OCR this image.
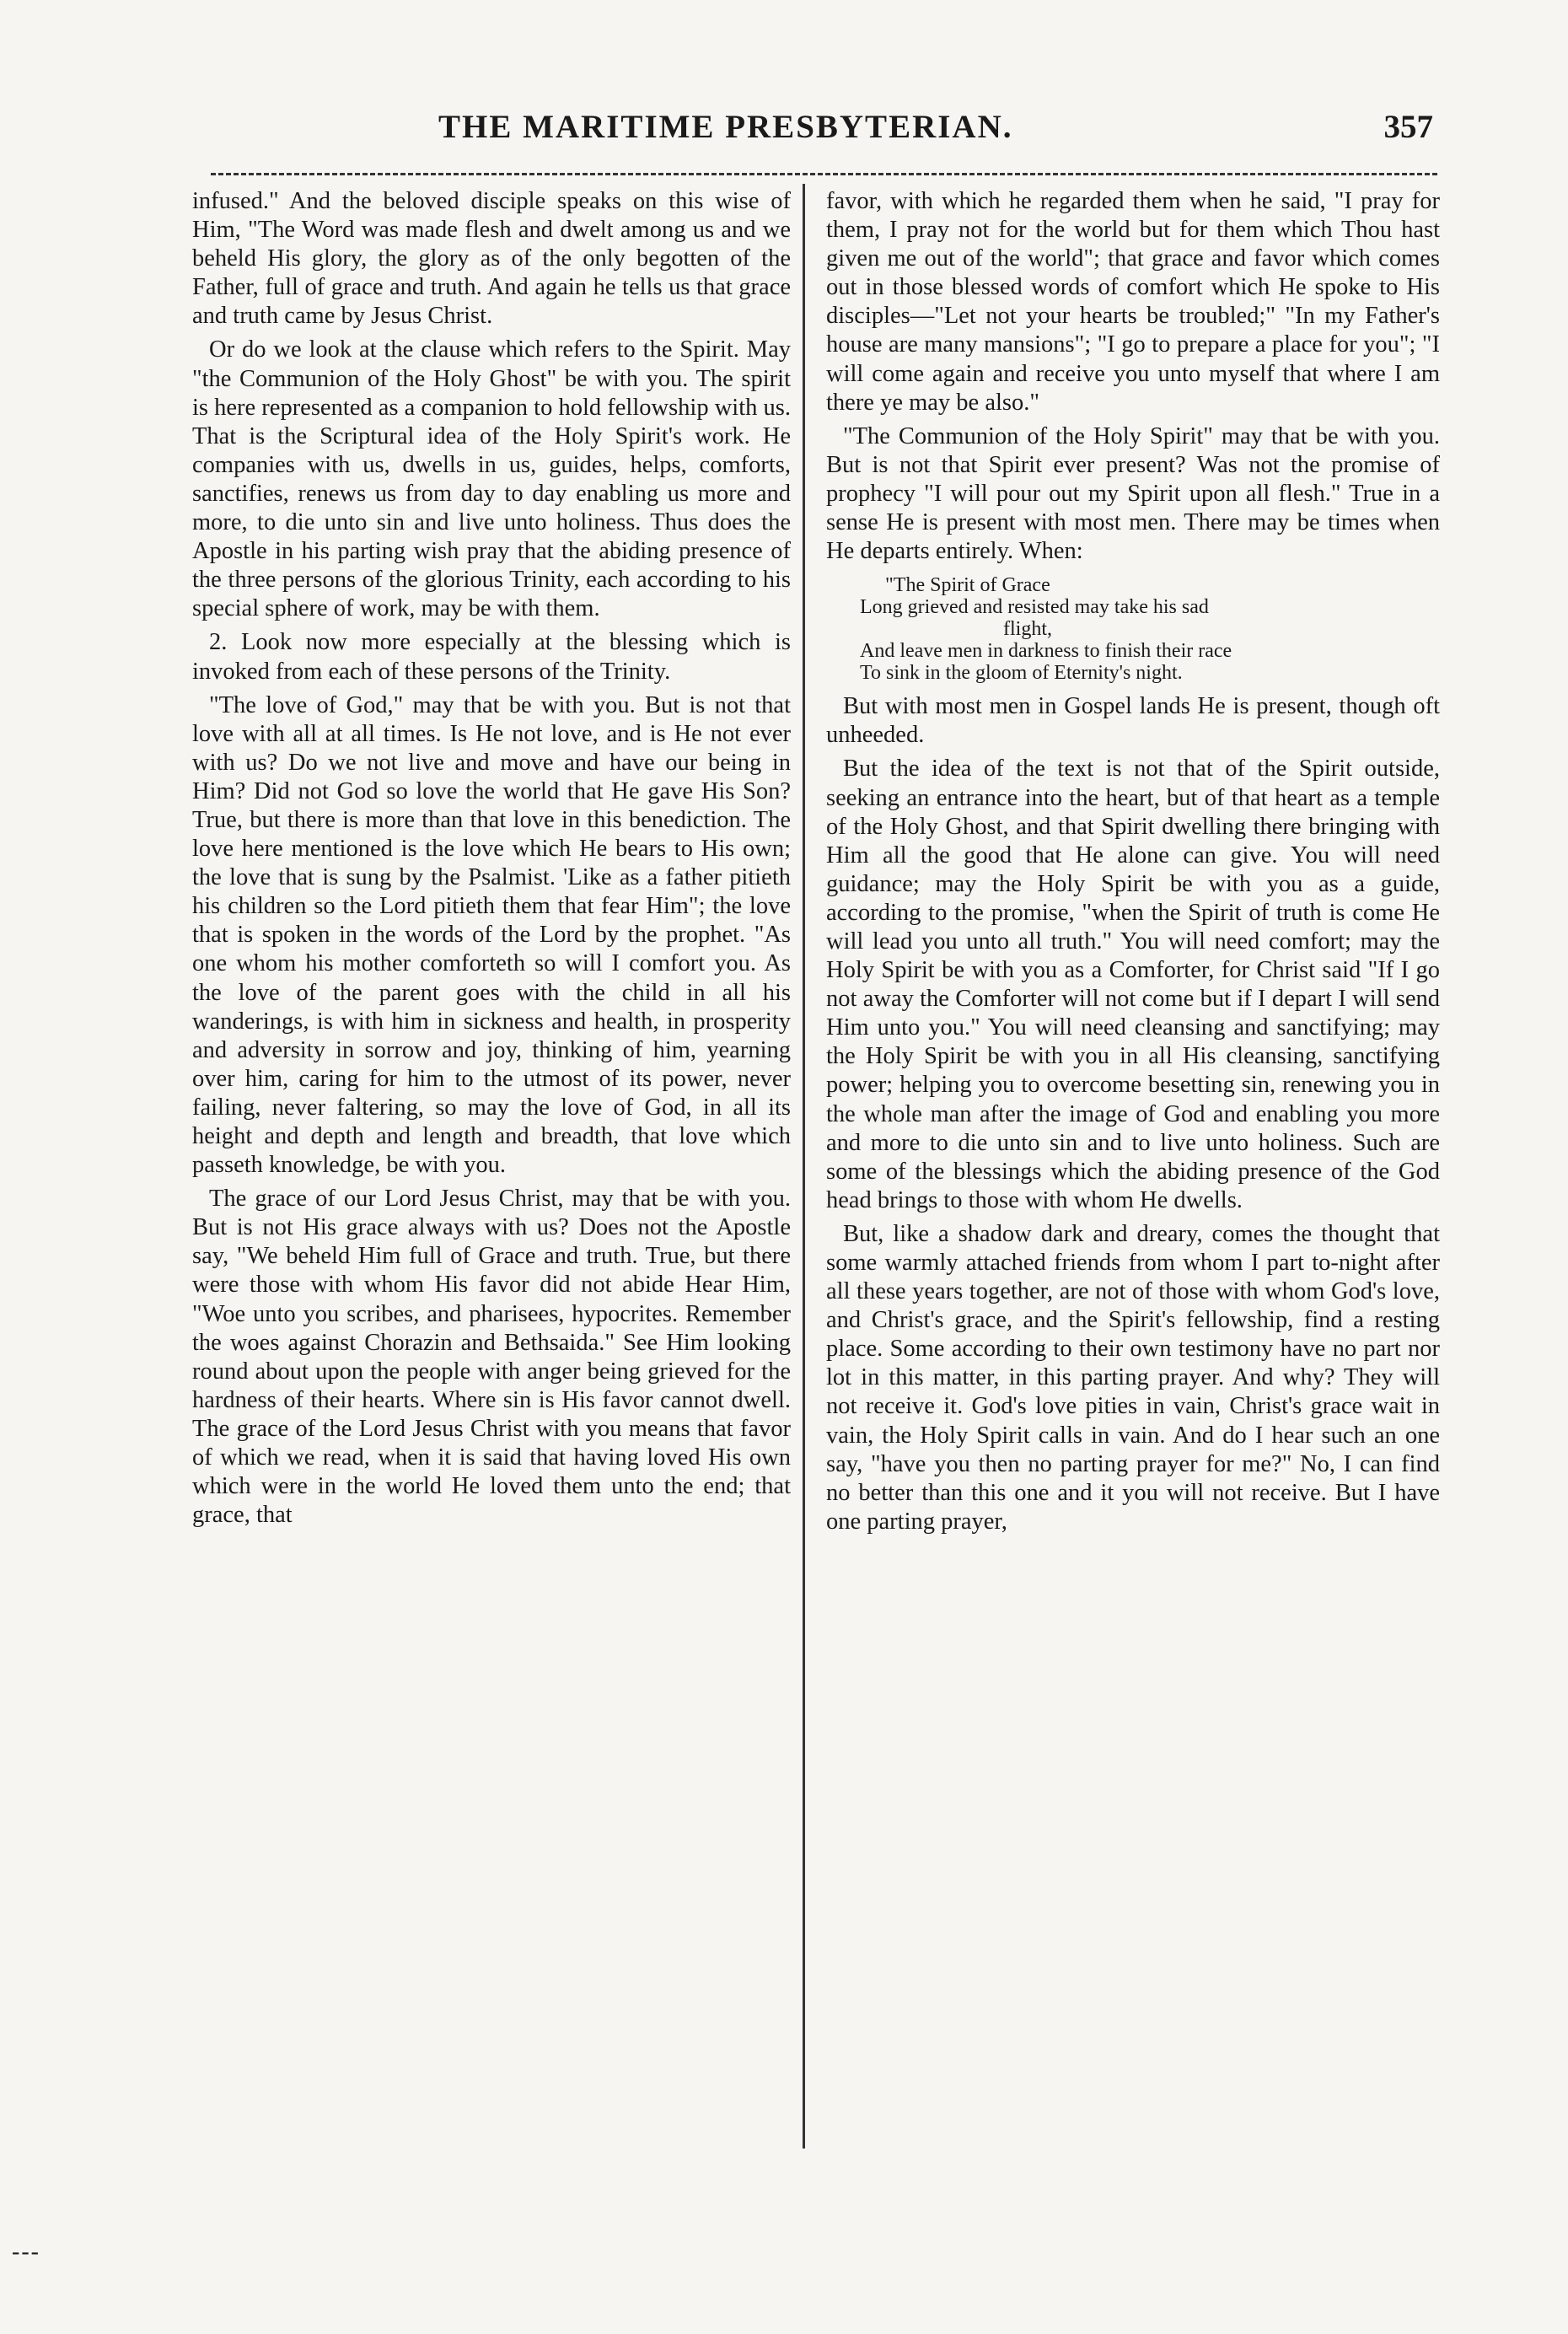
THE MARITIME PRESBYTERIAN.	357

infused." And the beloved disciple speaks on this wise of Him, "The Word was made flesh and dwelt among us and we beheld His glory, the glory as of the only begotten of the Father, full of grace and truth. And again he tells us that grace and truth came by Jesus Christ.

Or do we look at the clause which refers to the Spirit. May "the Communion of the Holy Ghost" be with you. The spirit is here represented as a companion to hold fellowship with us. That is the Scriptural idea of the Holy Spirit's work. He companies with us, dwells in us, guides, helps, comforts, sanctifies, renews us from day to day enabling us more and more, to die unto sin and live unto holiness. Thus does the Apostle in his parting wish pray that the abiding presence of the three persons of the glorious Trinity, each according to his special sphere of work, may be with them.

2. Look now more especially at the blessing which is invoked from each of these persons of the Trinity.

"The love of God," may that be with you. But is not that love with all at all times. Is He not love, and is He not ever with us? Do we not live and move and have our being in Him? Did not God so love the world that He gave His Son? True, but there is more than that love in this benediction. The love here mentioned is the love which He bears to His own; the love that is sung by the Psalmist. 'Like as a father pitieth his children so the Lord pitieth them that fear Him"; the love that is spoken in the words of the Lord by the prophet. "As one whom his mother comforteth so will I comfort you. As the love of the parent goes with the child in all his wanderings, is with him in sickness and health, in prosperity and adversity in sorrow and joy, thinking of him, yearning over him, caring for him to the utmost of its power, never failing, never faltering, so may the love of God, in all its height and depth and length and breadth, that love which passeth knowledge, be with you.

The grace of our Lord Jesus Christ, may that be with you. But is not His grace always with us? Does not the Apostle say, "We beheld Him full of Grace and truth. True, but there were those with whom His favor did not abide Hear Him, "Woe unto you scribes, and pharisees, hypocrites. Remember the woes against Chorazin and Bethsaida." See Him looking round about upon the people with anger being grieved for the hardness of their hearts. Where sin is His favor cannot dwell. The grace of the Lord Jesus Christ with you means that favor of which we read, when it is said that having loved His own which were in the world He loved them unto the end; that grace, that

favor, with which he regarded them when he said, "I pray for them, I pray not for the world but for them which Thou hast given me out of the world"; that grace and favor which comes out in those blessed words of comfort which He spoke to His disciples—"Let not your hearts be troubled;" "In my Father's house are many mansions"; "I go to prepare a place for you"; "I will come again and receive you unto myself that where I am there ye may be also."

"The Communion of the Holy Spirit" may that be with you. But is not that Spirit ever present? Was not the promise of prophecy "I will pour out my Spirit upon all flesh." True in a sense He is present with most men. There may be times when He departs entirely. When:

"The Spirit of Grace
Long grieved and resisted may take his sad
flight,
And leave men in darkness to finish their race
To sink in the gloom of Eternity's night.

But with most men in Gospel lands He is present, though oft unheeded.

But the idea of the text is not that of the Spirit outside, seeking an entrance into the heart, but of that heart as a temple of the Holy Ghost, and that Spirit dwelling there bringing with Him all the good that He alone can give. You will need guidance; may the Holy Spirit be with you as a guide, according to the promise, "when the Spirit of truth is come He will lead you unto all truth." You will need comfort; may the Holy Spirit be with you as a Comforter, for Christ said "If I go not away the Comforter will not come but if I depart I will send Him unto you." You will need cleansing and sanctifying; may the Holy Spirit be with you in all His cleansing, sanctifying power; helping you to overcome besetting sin, renewing you in the whole man after the image of God and enabling you more and more to die unto sin and to live unto holiness. Such are some of the blessings which the abiding presence of the God head brings to those with whom He dwells.

But, like a shadow dark and dreary, comes the thought that some warmly attached friends from whom I part to-night after all these years together, are not of those with whom God's love, and Christ's grace, and the Spirit's fellowship, find a resting place. Some according to their own testimony have no part nor lot in this matter, in this parting prayer. And why? They will not receive it. God's love pities in vain, Christ's grace wait in vain, the Holy Spirit calls in vain. And do I hear such an one say, "have you then no parting prayer for me?" No, I can find no better than this one and it you will not receive. But I have one parting prayer,

---
